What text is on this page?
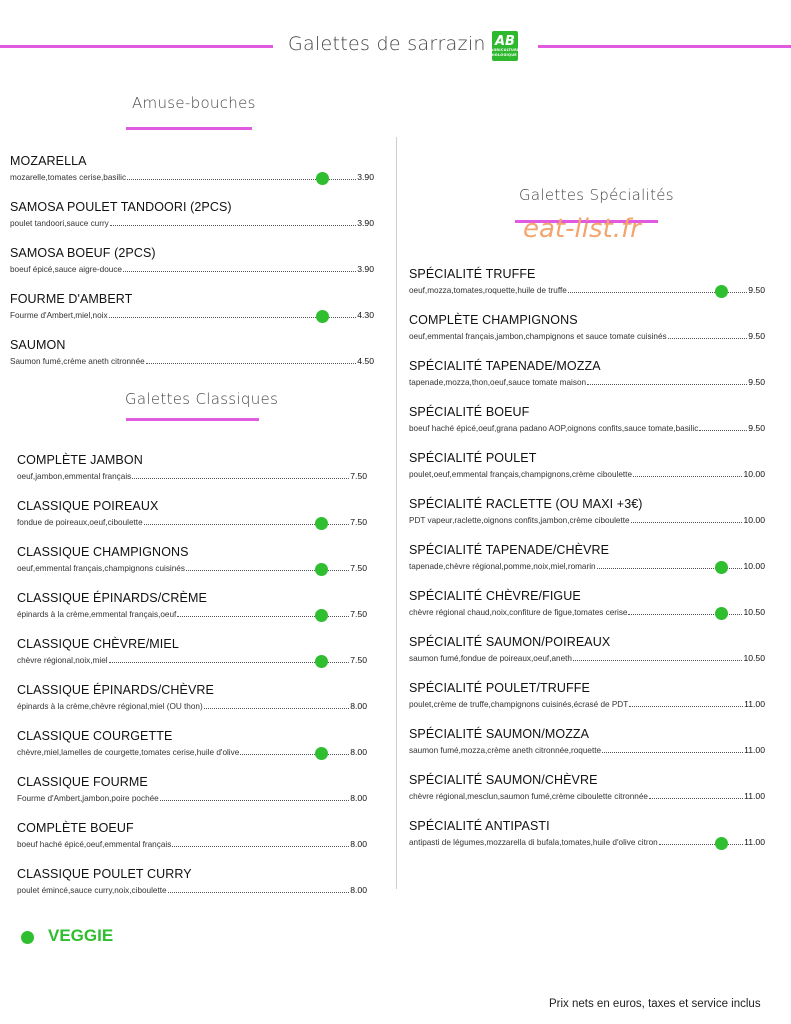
Galettes de sarrazin AB
AGRICULTURE BIOLOGIQUE
Amuse-bouches
Galettes Classiques
Galettes Spécialités
eat-list.fr
MOZARELLA
mozarelle,tomates cerise,basilic	3.90
SAMOSA POULET TANDOORI (2PCS)
poulet tandoori,sauce curry	3.90
SAMOSA BOEUF (2PCS)
boeuf épicé,sauce aigre-douce	3.90
FOURME D'AMBERT
Fourme d'Ambert,miel,noix	4.30
SAUMON
Saumon fumé,crème aneth citronnée	4.50
COMPLÈTE JAMBON
oeuf,jambon,emmental français	7.50
CLASSIQUE POIREAUX
fondue de poireaux,oeuf,ciboulette	7.50
CLASSIQUE CHAMPIGNONS
oeuf,emmental français,champignons cuisinés	7.50
CLASSIQUE ÉPINARDS/CRÈME
épinards à la crème,emmental français,oeuf	7.50
CLASSIQUE CHÈVRE/MIEL
chèvre régional,noix,miel	7.50
CLASSIQUE ÉPINARDS/CHÈVRE
épinards à la crème,chèvre régional,miel (OU thon)	8.00
CLASSIQUE COURGETTE
chèvre,miel,lamelles de courgette,tomates cerise,huile d'olive	8.00
CLASSIQUE FOURME
Fourme d'Ambert,jambon,poire pochée	8.00
COMPLÈTE BOEUF
boeuf haché épicé,oeuf,emmental français	8.00
CLASSIQUE POULET CURRY
poulet émincé,sauce curry,noix,ciboulette	8.00
SPÉCIALITÉ TRUFFE
oeuf,mozza,tomates,roquette,huile de truffe	9.50
COMPLÈTE CHAMPIGNONS
oeuf,emmental français,jambon,champignons et sauce tomate cuisinés	9.50
SPÉCIALITÉ TAPENADE/MOZZA
tapenade,mozza,thon,oeuf,sauce tomate maison	9.50
SPÉCIALITÉ BOEUF
boeuf haché épicé,oeuf,grana padano AOP,oignons confits,sauce tomate,basilic	9.50
SPÉCIALITÉ POULET
poulet,oeuf,emmental français,champignons,crème ciboulette	10.00
SPÉCIALITÉ RACLETTE (OU MAXI +3€)
PDT vapeur,raclette,oignons confits,jambon,crème ciboulette	10.00
SPÉCIALITÉ TAPENADE/CHÈVRE
tapenade,chèvre régional,pomme,noix,miel,romarin	10.00
SPÉCIALITÉ CHÈVRE/FIGUE
chèvre régional chaud,noix,confiture de figue,tomates cerise	10.50
SPÉCIALITÉ SAUMON/POIREAUX
saumon fumé,fondue de poireaux,oeuf,aneth	10.50
SPÉCIALITÉ POULET/TRUFFE
poulet,crème de truffe,champignons cuisinés,écrasé de PDT	11.00
SPÉCIALITÉ SAUMON/MOZZA
saumon fumé,mozza,crème aneth citronnée,roquette	11.00
SPÉCIALITÉ SAUMON/CHÈVRE
chèvre régional,mesclun,saumon fumé,crème ciboulette citronnée	11.00
SPÉCIALITÉ ANTIPASTI
antipasti de légumes,mozzarella di bufala,tomates,huile d'olive citron	11.00
VEGGIE
Prix nets en euros, taxes et service inclus
